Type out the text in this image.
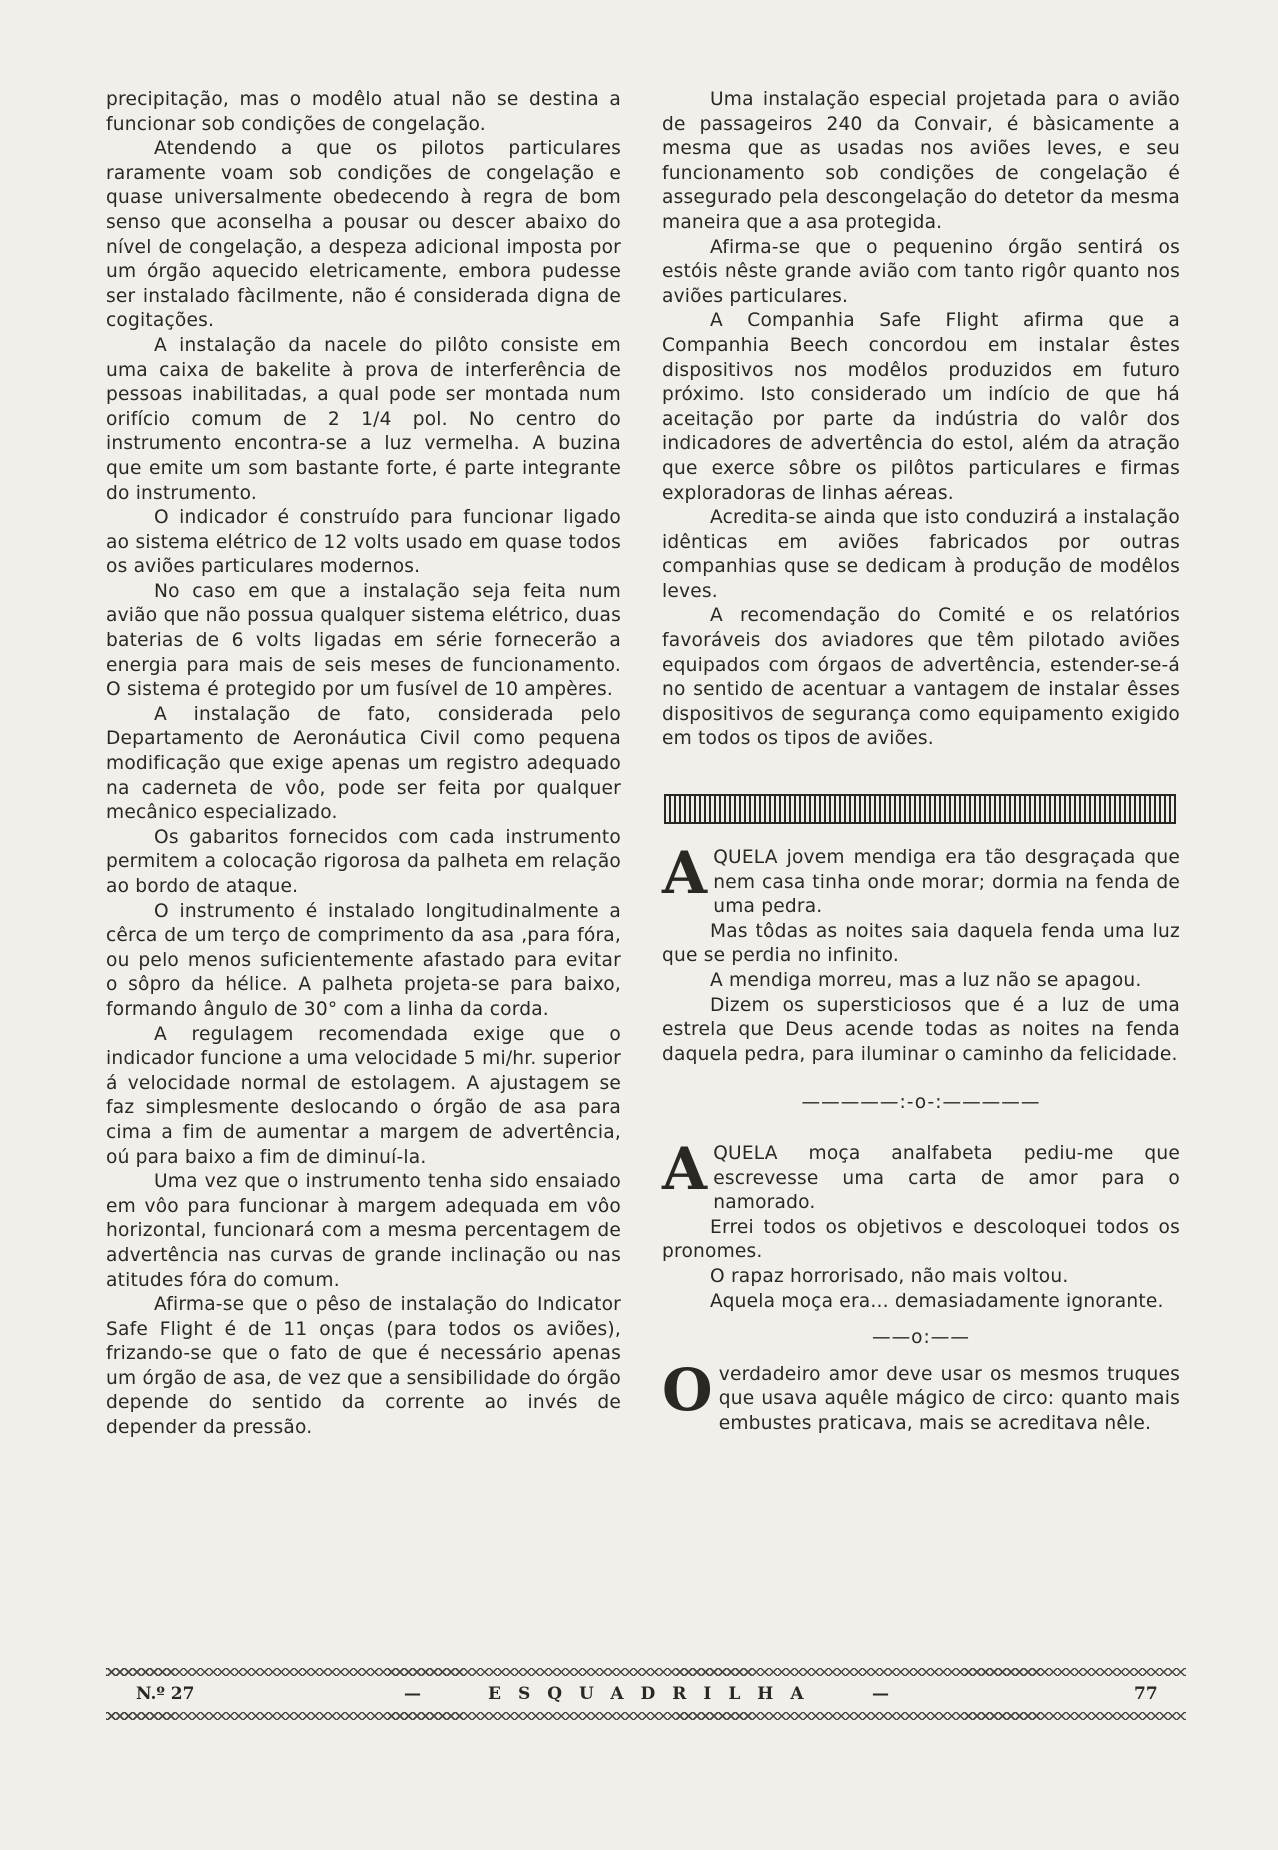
precipitação, mas o modêlo atual não se destina a funcionar sob condições de congelação.

Atendendo a que os pilotos particulares raramente voam sob condições de congelação e quase universalmente obedecendo à regra de bom senso que aconselha a pousar ou descer abaixo do nível de congelação, a despeza adicional imposta por um órgão aquecido eletricamente, embora pudesse ser instalado fàcilmente, não é considerada digna de cogitações.

A instalação da nacele do pilôto consiste em uma caixa de bakelite à prova de interferência de pessoas inabilitadas, a qual pode ser montada num orifício comum de 2 1/4 pol. No centro do instrumento encontra-se a luz vermelha. A buzina que emite um som bastante forte, é parte integrante do instrumento.

O indicador é construído para funcionar ligado ao sistema elétrico de 12 volts usado em quase todos os aviões particulares modernos.

No caso em que a instalação seja feita num avião que não possua qualquer sistema elétrico, duas baterias de 6 volts ligadas em série fornecerão a energia para mais de seis meses de funcionamento. O sistema é protegido por um fusível de 10 ampères.

A instalação de fato, considerada pelo Departamento de Aeronáutica Civil como pequena modificação que exige apenas um registro adequado na caderneta de vôo, pode ser feita por qualquer mecânico especializado.

Os gabaritos fornecidos com cada instrumento permitem a colocação rigorosa da palheta em relação ao bordo de ataque.

O instrumento é instalado longitudinalmente a cêrca de um terço de comprimento da asa ,para fóra, ou pelo menos suficientemente afastado para evitar o sôpro da hélice. A palheta projeta-se para baixo, formando ângulo de 30° com a linha da corda.

A regulagem recomendada exige que o indicador funcione a uma velocidade 5 mi/hr. superior á velocidade normal de estolagem. A ajustagem se faz simplesmente deslocando o órgão de asa para cima a fim de aumentar a margem de advertência, oú para baixo a fim de diminuí-la.

Uma vez que o instrumento tenha sido ensaiado em vôo para funcionar à margem adequada em vôo horizontal, funcionará com a mesma percentagem de advertência nas curvas de grande inclinação ou nas atitudes fóra do comum.

Afirma-se que o pêso de instalação do Indicator Safe Flight é de 11 onças (para todos os aviões), frizando-se que o fato de que é necessário apenas um órgão de asa, de vez que a sensibilidade do órgão depende do sentido da corrente ao invés de depender da pressão.

Uma instalação especial projetada para o avião de passageiros 240 da Convair, é bàsicamente a mesma que as usadas nos aviões leves, e seu funcionamento sob condições de congelação é assegurado pela descongelação do detetor da mesma maneira que a asa protegida.

Afirma-se que o pequenino órgão sentirá os estóis nêste grande avião com tanto rigôr quanto nos aviões particulares.

A Companhia Safe Flight afirma que a Companhia Beech concordou em instalar êstes dispositivos nos modêlos produzidos em futuro próximo. Isto considerado um indício de que há aceitação por parte da indústria do valôr dos indicadores de advertência do estol, além da atração que exerce sôbre os pilôtos particulares e firmas exploradoras de linhas aéreas.

Acredita-se ainda que isto conduzirá a instalação idênticas em aviões fabricados por outras companhias quse se dedicam à produção de modêlos leves.

A recomendação do Comité e os relatórios favoráveis dos aviadores que têm pilotado aviões equipados com órgaos de advertência, estender-se-á no sentido de acentuar a vantagem de instalar êsses dispositivos de segurança como equipamento exigido em todos os tipos de aviões.

AQUELA jovem mendiga era tão desgraçada que nem casa tinha onde morar; dormia na fenda de uma pedra.

Mas tôdas as noites saia daquela fenda uma luz que se perdia no infinito.

A mendiga morreu, mas a luz não se apagou.

Dizem os supersticiosos que é a luz de uma estrela que Deus acende todas as noites na fenda daquela pedra, para iluminar o caminho da felicidade.

—————:-o-:—————

AQUELA moça analfabeta pediu-me que escrevesse uma carta de amor para o namorado.

Errei todos os objetivos e descoloquei todos os pronomes.

O rapaz horrorisado, não mais voltou.

Aquela moça era... demasiadamente ignorante.

——o:——

Overdadeiro amor deve usar os mesmos truques que usava aquêle mágico de circo: quanto mais embustes praticava, mais se acreditava nêle.

N.º 27	—	ESQUADRILHA	—	77
